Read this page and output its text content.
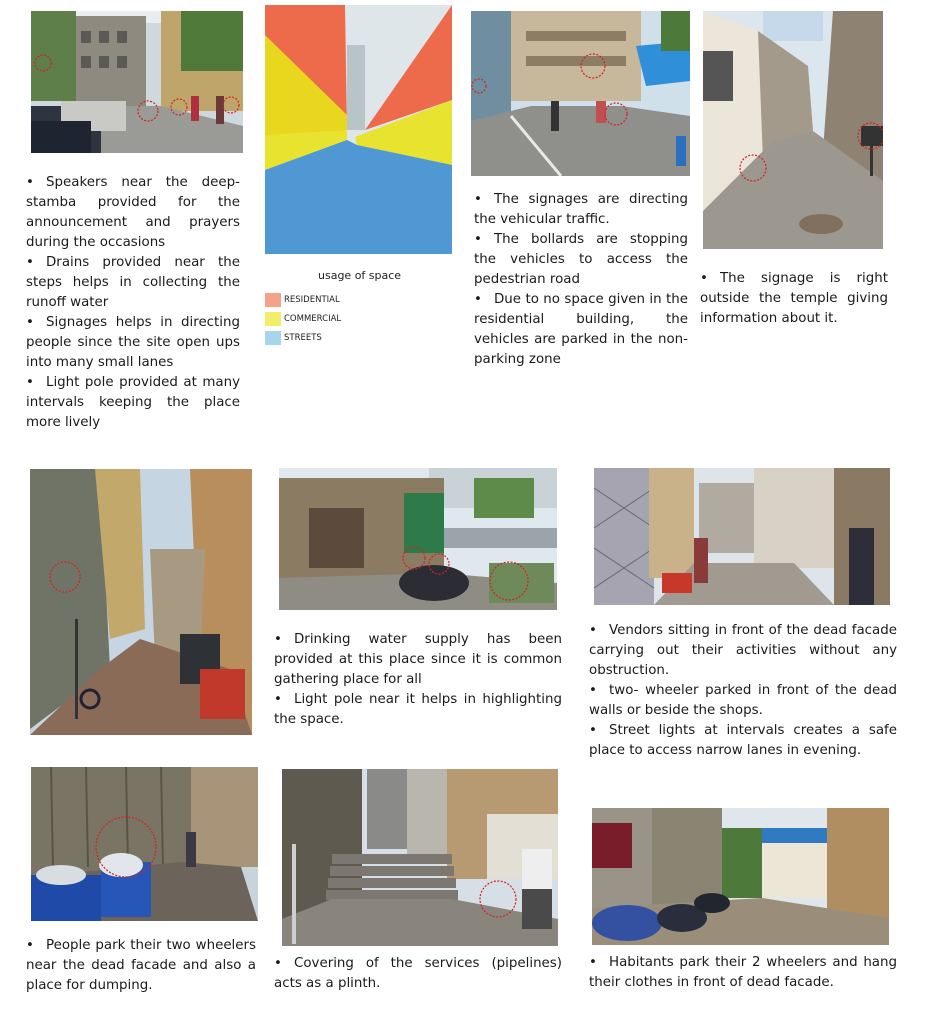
usage of space
RESIDENTIAL
COMMERCIAL
STREETS
• Speakers near the deep-stamba provided for the announcement and prayers during the occasions
• Drains provided near the steps helps in collecting the runoff water
• Signages helps in directing people since the site open ups into many small lanes
• Light pole provided at many intervals keeping the place more lively
• The signages are directing the vehicular traffic.
• The bollards are stopping the vehicles to access the pedestrian road
• Due to no space given in the residential building, the vehicles are parked in the non-parking zone
• The signage is right outside the temple giving information about it.
• Drinking water supply has been provided at this place since it is common gathering place for all
• Light pole near it helps in highlighting the space.
• Vendors sitting in front of the dead facade carrying out their activities without any obstruction.
• two- wheeler parked in front of the dead walls or beside the shops.
• Street lights at intervals creates a safe place to access narrow lanes in evening.
• People park their two wheelers near the dead facade and also a place for dumping.
• Covering of the services (pipelines) acts as a plinth.
• Habitants park their 2 wheelers and hang their clothes in front of dead facade.
